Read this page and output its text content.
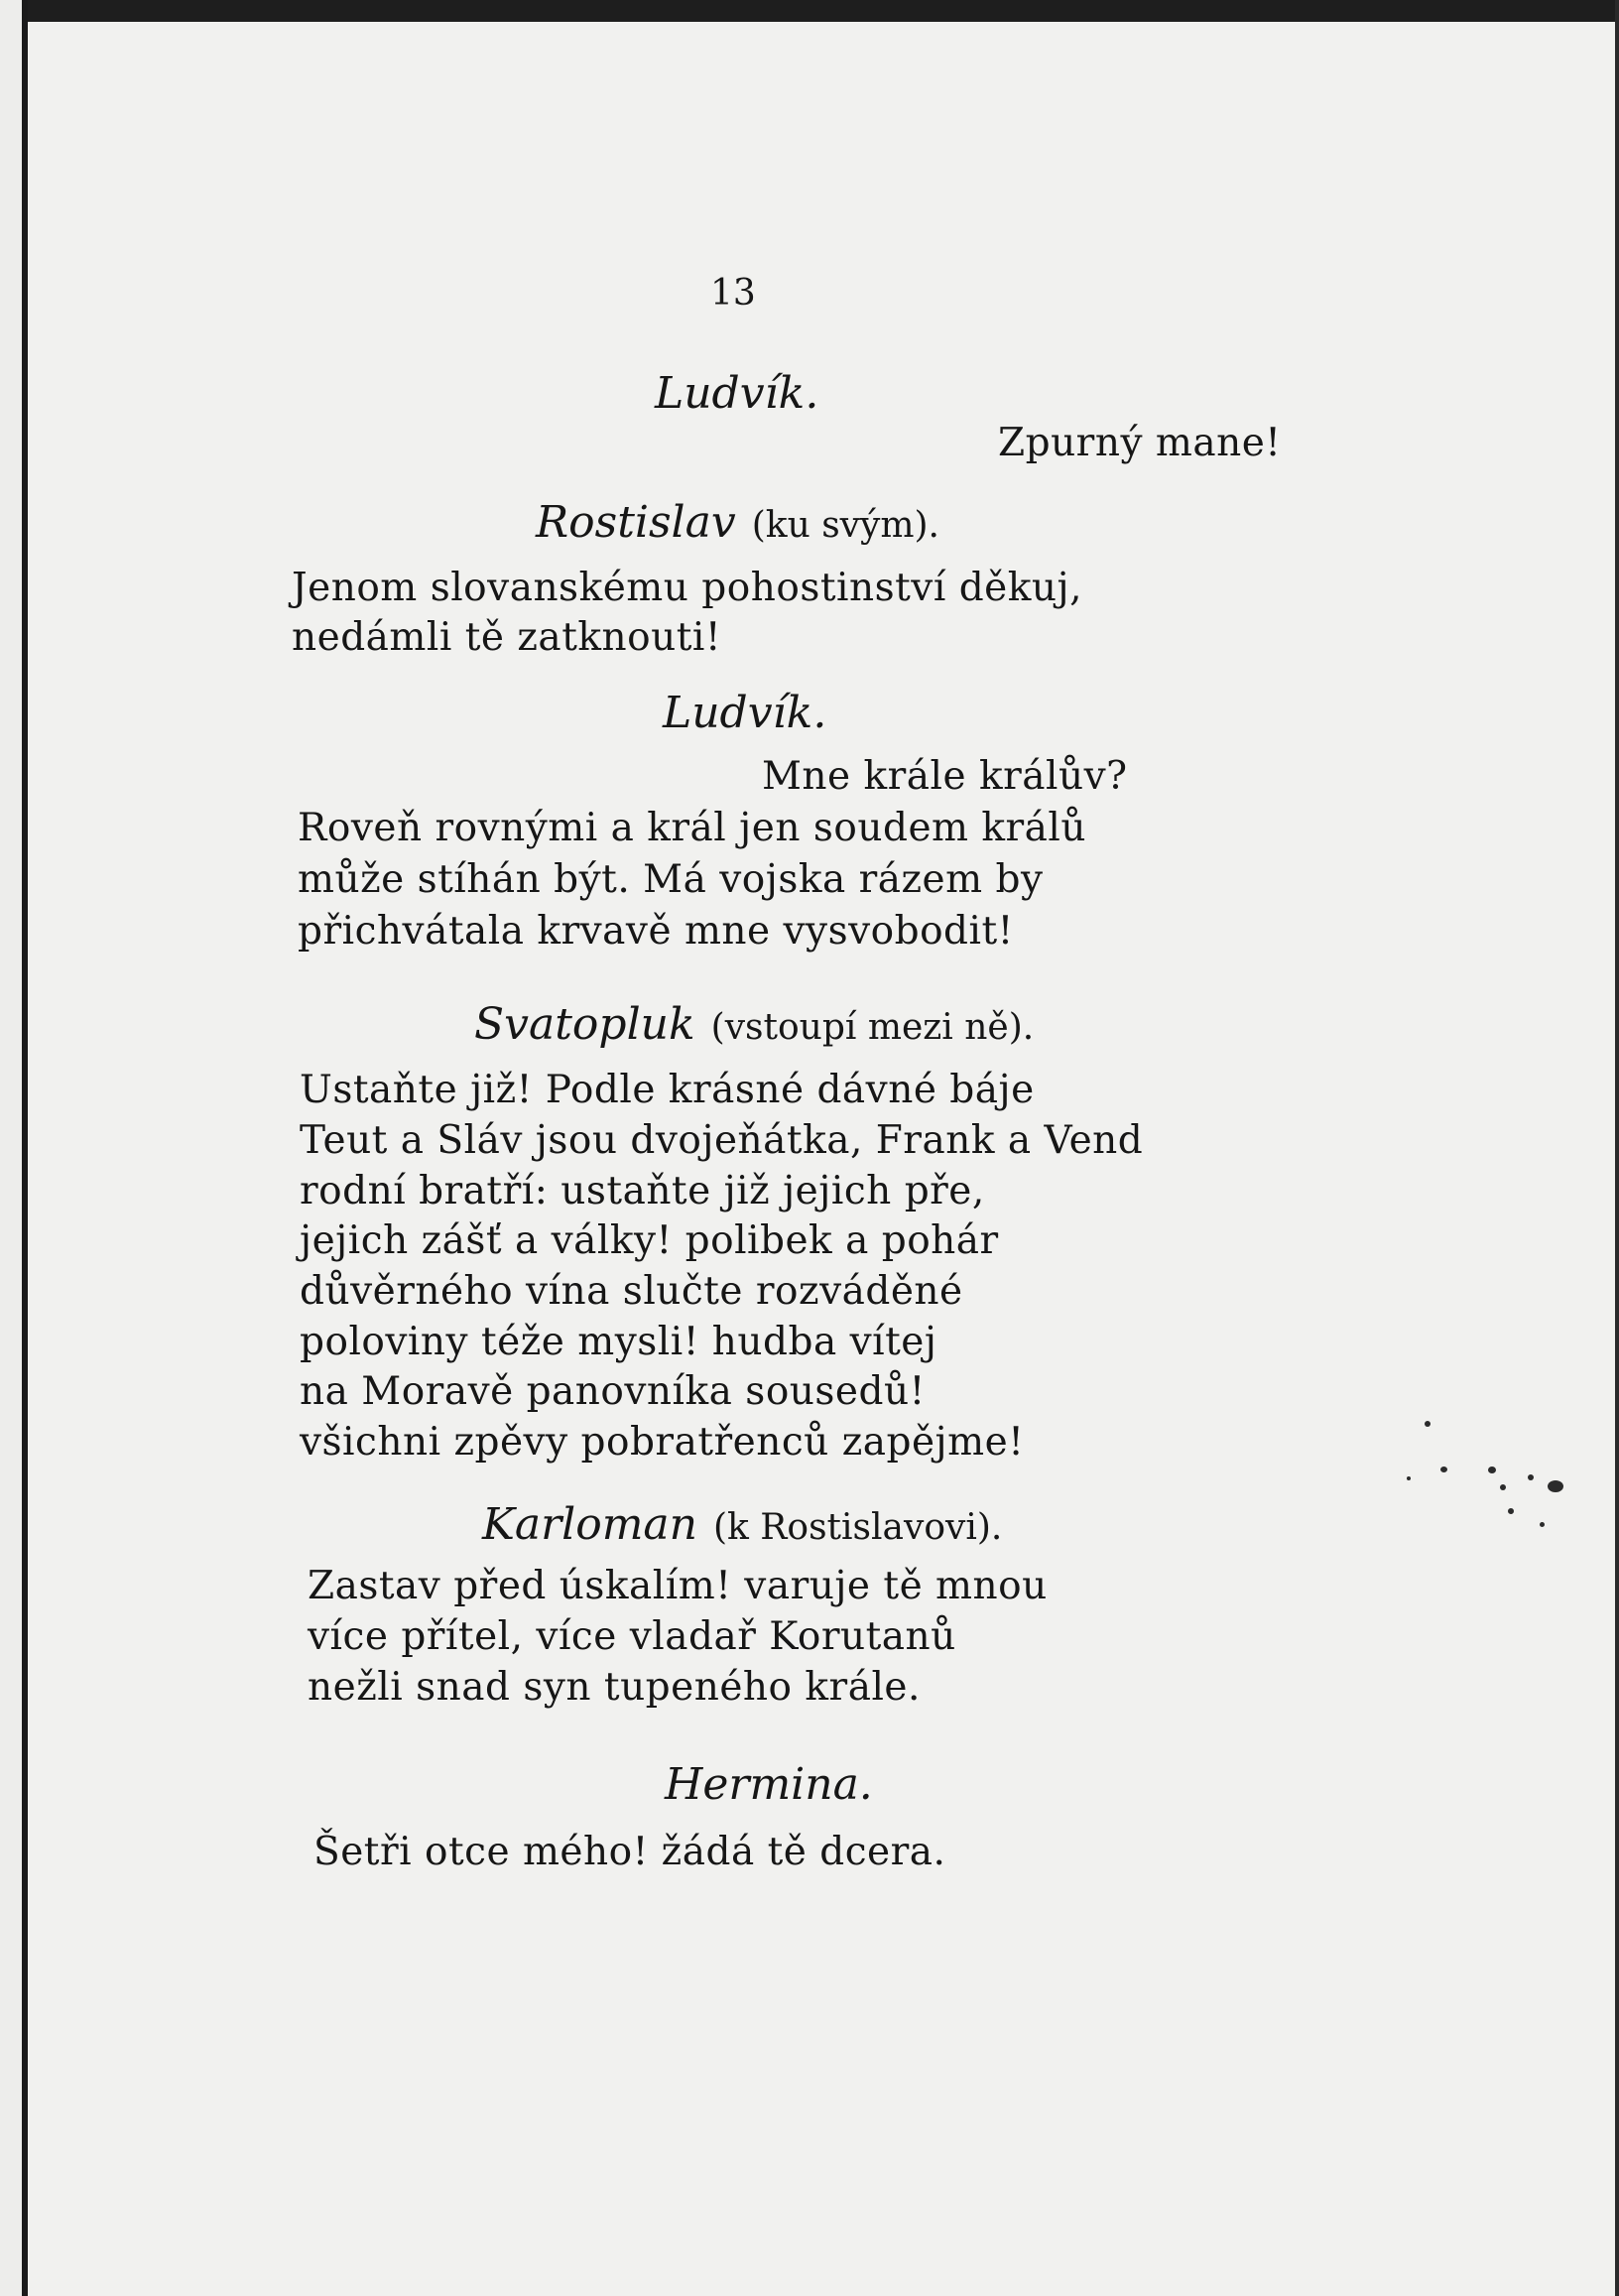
13
Ludvík.
Zpurný mane!
Rostislav (ku svým).
Jenom slovanskému pohostinství děkuj,
nedámli tě zatknouti!
Ludvík.
Mne krále králův?
Roveň rovnými a král jen soudem králů
může stíhán být. Má vojska rázem by
přichvátala krvavě mne vysvobodit!
Svatopluk (vstoupí mezi ně).
Ustaňte již! Podle krásné dávné báje
Teut a Sláv jsou dvojeňátka, Frank a Vend
rodní bratří: ustaňte již jejich pře,
jejich zášť a války! polibek a pohár
důvěrného vína slučte rozváděné
poloviny téže mysli! hudba vítej
na Moravě panovníka sousedů!
všichni zpěvy pobratřenců zapějme!
Karloman (k Rostislavovi).
Zastav před úskalím! varuje tě mnou
více přítel, více vladař Korutanů
nežli snad syn tupeného krále.
Hermina.
Šetři otce mého! žádá tě dcera.
